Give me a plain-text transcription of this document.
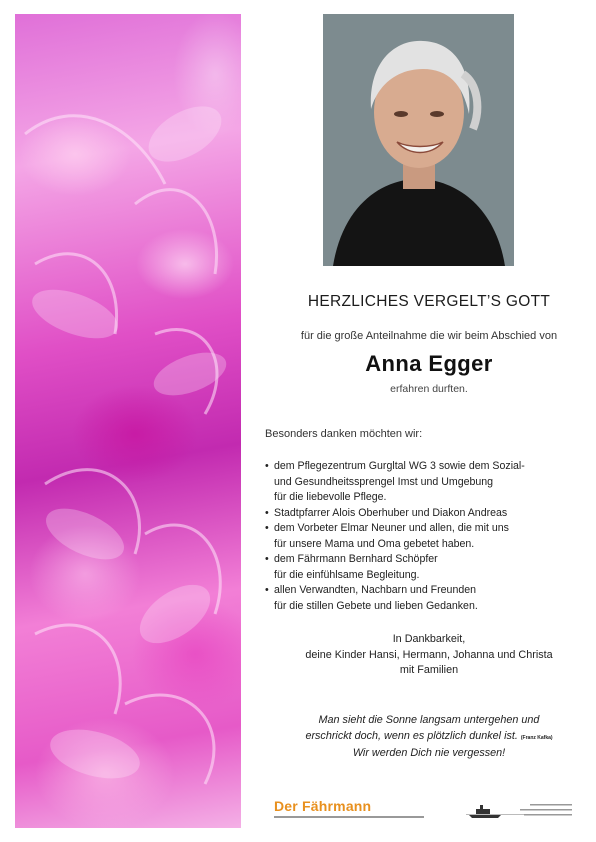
HERZLICHES VERGELT’S GOTT
für die große Anteilnahme die wir beim Abschied von
Anna Egger
erfahren durften.
Besonders danken möchten wir:
• dem Pflegezentrum Gurgltal WG 3 sowie dem Sozial-
und Gesundheitssprengel Imst und Umgebung
für die liebevolle Pflege.
• Stadtpfarrer Alois Oberhuber und Diakon Andreas
• dem Vorbeter Elmar Neuner und allen, die mit uns
für unsere Mama und Oma gebetet haben.
• dem Fährmann Bernhard Schöpfer
für die einfühlsame Begleitung.
• allen Verwandten, Nachbarn und Freunden
für die stillen Gebete und lieben Gedanken.
In Dankbarkeit,
deine Kinder Hansi, Hermann, Johanna und Christa
mit Familien
Man sieht die Sonne langsam untergehen und
erschrickt doch, wenn es plötzlich dunkel ist. (Franz Kafka)
Wir werden Dich nie vergessen!
Der Fährmann
